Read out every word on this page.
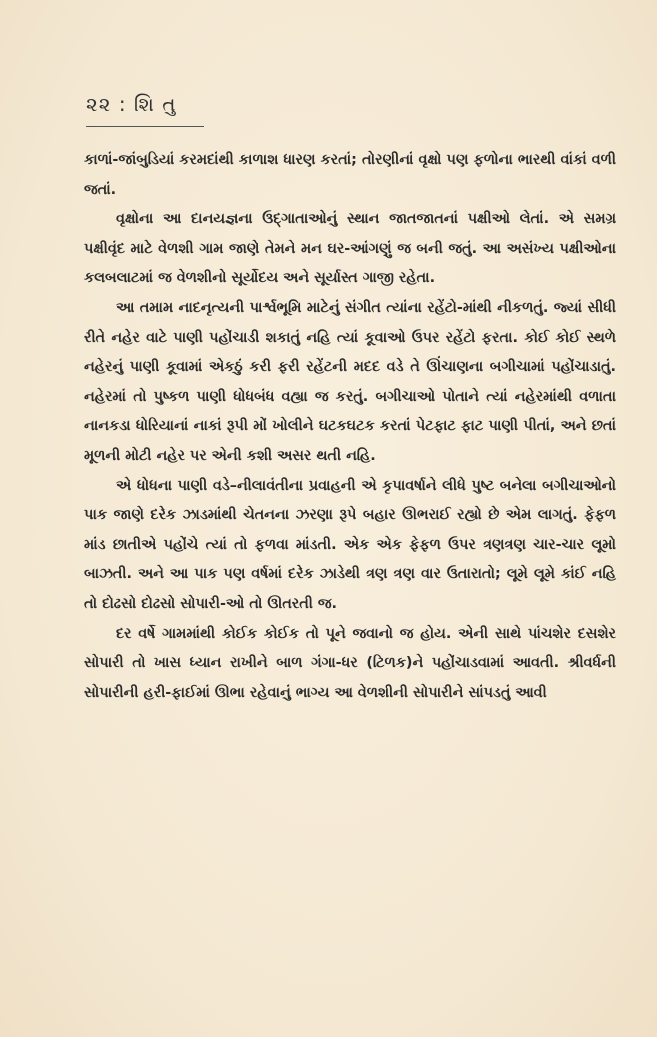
૨૨ : શિ તુ

કાળાં-જાંબુડિયાં કરમદાંથી કાળાશ ધારણ કરતાં; તોરણીનાં વૃક્ષો પણ ફળોના ભારથી વાંકાં વળી જતાં.

વૃક્ષોના આ દાનયજ્ઞના ઉદ્ગાતાઓનું સ્થાન જાતજાતનાં પક્ષીઓ લેતાં. એ સમગ્ર પક્ષીવૃંદ માટે વેળશી ગામ જાણે તેમને મન ઘર-આંગણું જ બની જતું. આ અસંખ્ય પક્ષીઓના કલબલાટમાં જ વેળશીનો સૂર્યોદય અને સૂર્યાસ્ત ગાજી રહેતા.

આ તમામ નાદનૃત્યની પાર્શ્વભૂમિ માટેનું સંગીત ત્યાંના રહેંટો-માંથી નીકળતું. જ્યાં સીધી રીતે નહેર વાટે પાણી પહોંચાડી શકાતું નહિ ત્યાં કૂવાઓ ઉપર રહેંટો ફરતા. કોઈ કોઈ સ્થળે નહેરનું પાણી કૂવામાં એકઠું કરી ફરી રહેંટની મદદ વડે તે ઊંચાણના બગીચામાં પહોંચાડાતું. નહેરમાં તો પુષ્કળ પાણી ધોધબંધ વહ્યા જ કરતું. બગીચાઓ પોતાને ત્યાં નહેરમાંથી વળાતા નાનકડા ધોરિયાનાં નાકાં રૂપી મોં ખોલીને ઘટકઘટક કરતાં પેટફાટ ફાટ પાણી પીતાં, અને છતાં મૂળની મોટી નહેર પર એની કશી અસર થતી નહિ.

એ ધોધના પાણી વડે–નીલાવંતીના પ્રવાહની એ કૃપાવર્ષાને લીધે પુષ્ટ બનેલા બગીચાઓનો પાક જાણે દરેક ઝાડમાંથી ચેતનના ઝરણા રૂપે બહાર ઊભરાઈ રહ્યો છે એમ લાગતું. ફેફળ માંડ છાતીએ પહોંચે ત્યાં તો ફળવા માંડતી. એક એક ફેફળ ઉપર ત્રણત્રણ ચાર-ચાર લૂમો બાઝતી. અને આ પાક પણ વર્ષમાં દરેક ઝાડેથી ત્રણ ત્રણ વાર ઉતારાતો; લૂમે લૂમે કાંઈ નહિ તો દોઢસો દોઢસો સોપારી-ઓ તો ઊતરતી જ.

દર વર્ષે ગામમાંથી કોઈક કોઈક તો પૂને જવાનો જ હોય. એની સાથે પાંચશેર દસશેર સોપારી તો ખાસ ધ્યાન રાખીને બાળ ગંગા-ધર (ટિળક)ને પહોંચાડવામાં આવતી. શ્રીવર્ધની સોપારીની હરી-ફાઈમાં ઊભા રહેવાનું ભાગ્ય આ વેળશીની સોપારીને સાંપડતું આવી
